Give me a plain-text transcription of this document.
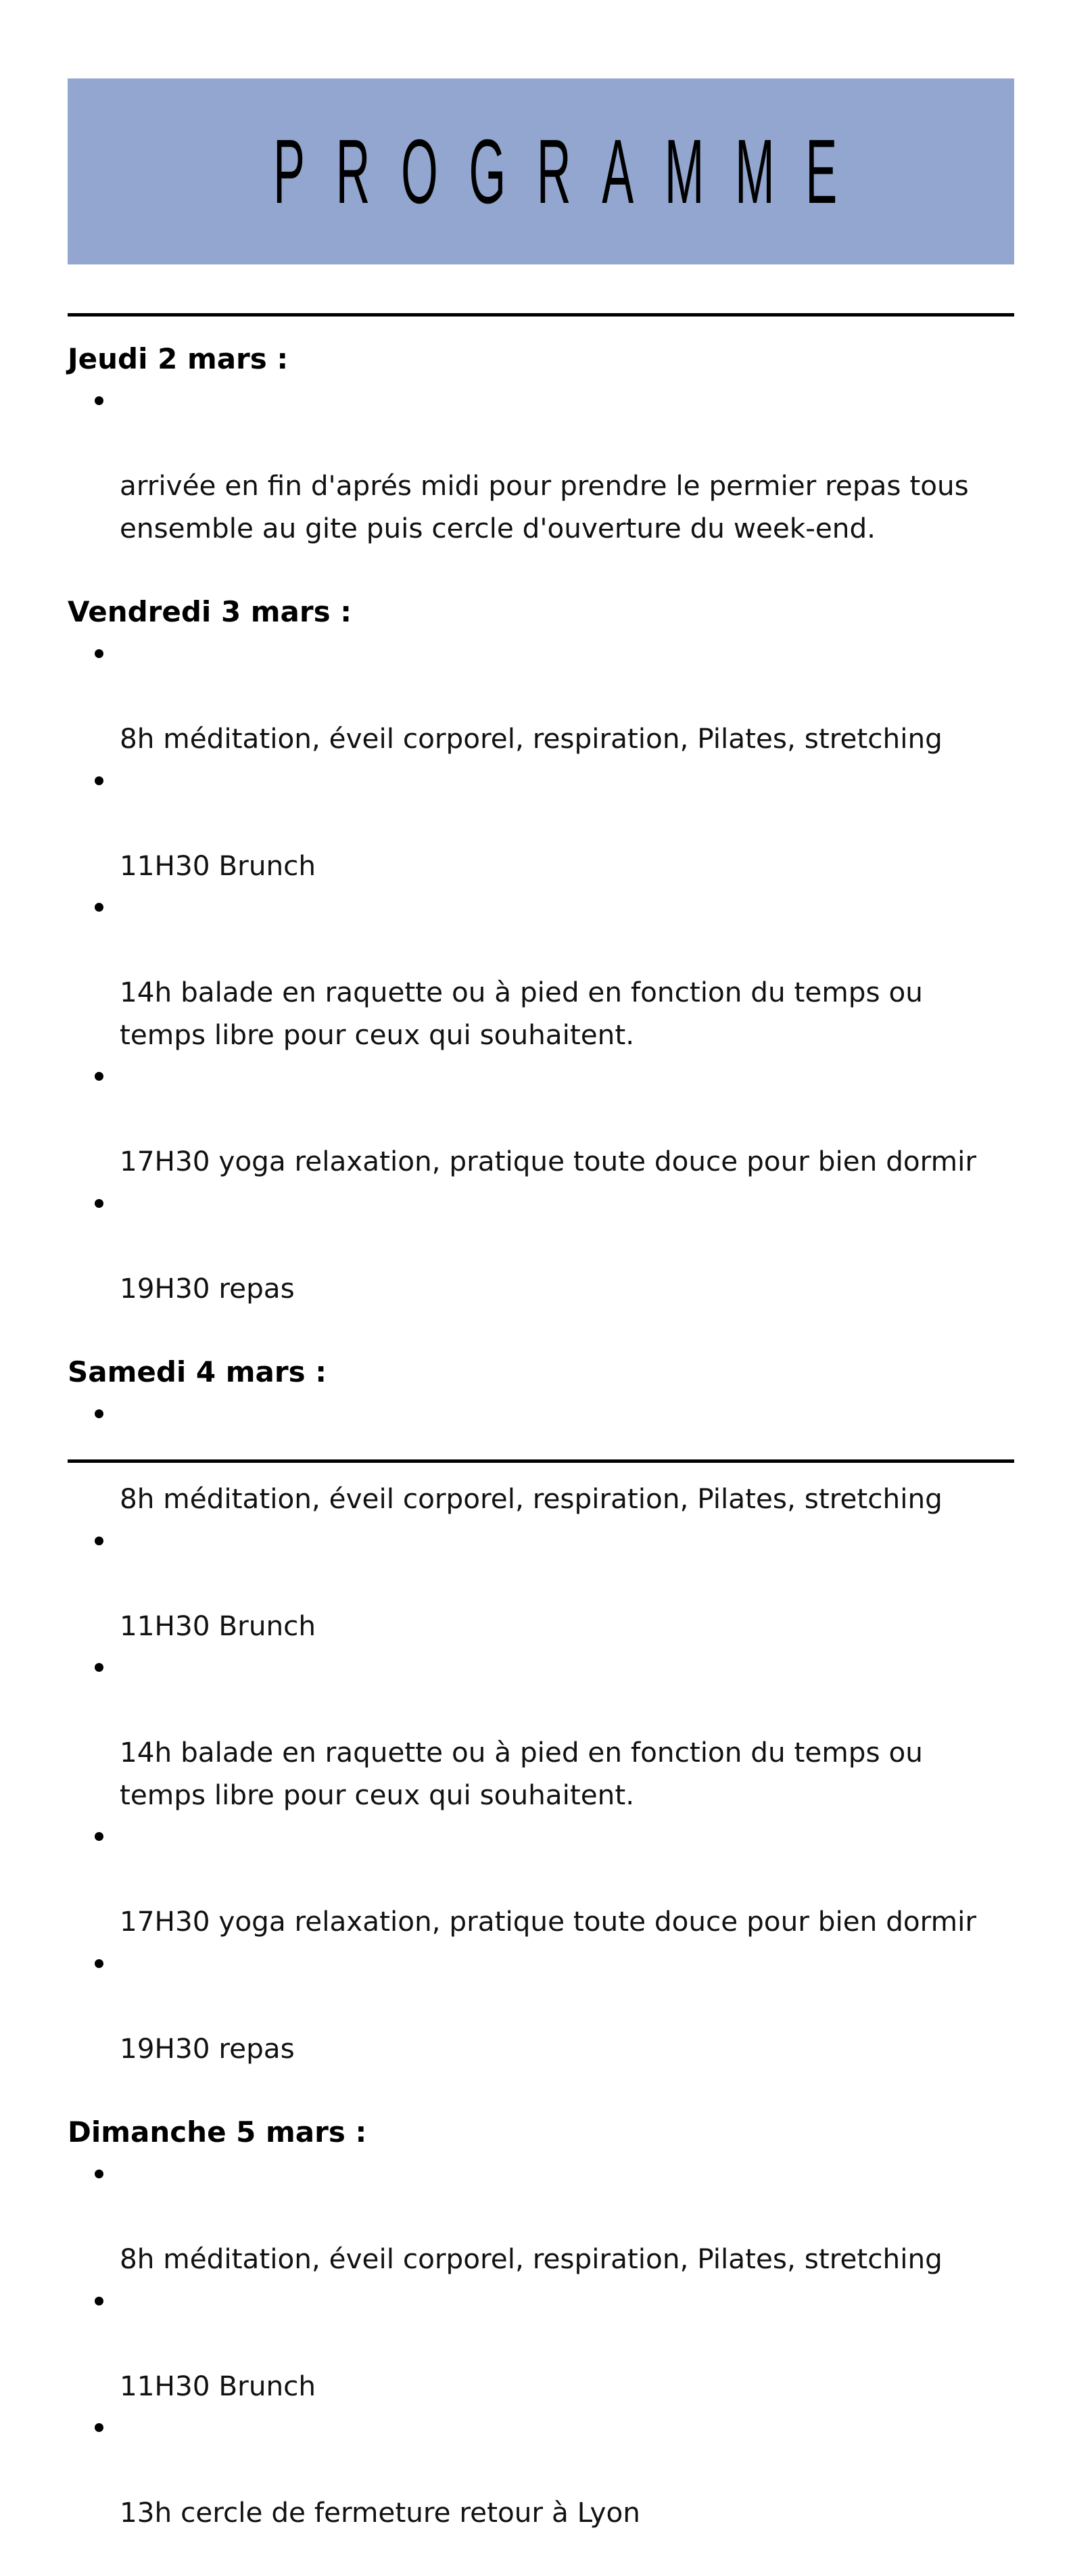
PROGRAMME
Jeudi 2 mars :

arrivée en fin d'aprés midi pour prendre le permier repas tous
ensemble au gite puis cercle d'ouverture du week-end.

Vendredi 3 mars :

8h méditation, éveil corporel, respiration, Pilates, stretching

11H30 Brunch

14h balade en raquette ou à pied en fonction du temps ou
temps libre pour ceux qui souhaitent.

17H30 yoga relaxation, pratique toute douce pour bien dormir

19H30 repas

Samedi 4 mars :

8h méditation, éveil corporel, respiration, Pilates, stretching

11H30 Brunch

14h balade en raquette ou à pied en fonction du temps ou
temps libre pour ceux qui souhaitent.

17H30 yoga relaxation, pratique toute douce pour bien dormir

19H30 repas

Dimanche 5 mars :

8h méditation, éveil corporel, respiration, Pilates, stretching

11H30 Brunch

13h cercle de fermeture retour à Lyon
